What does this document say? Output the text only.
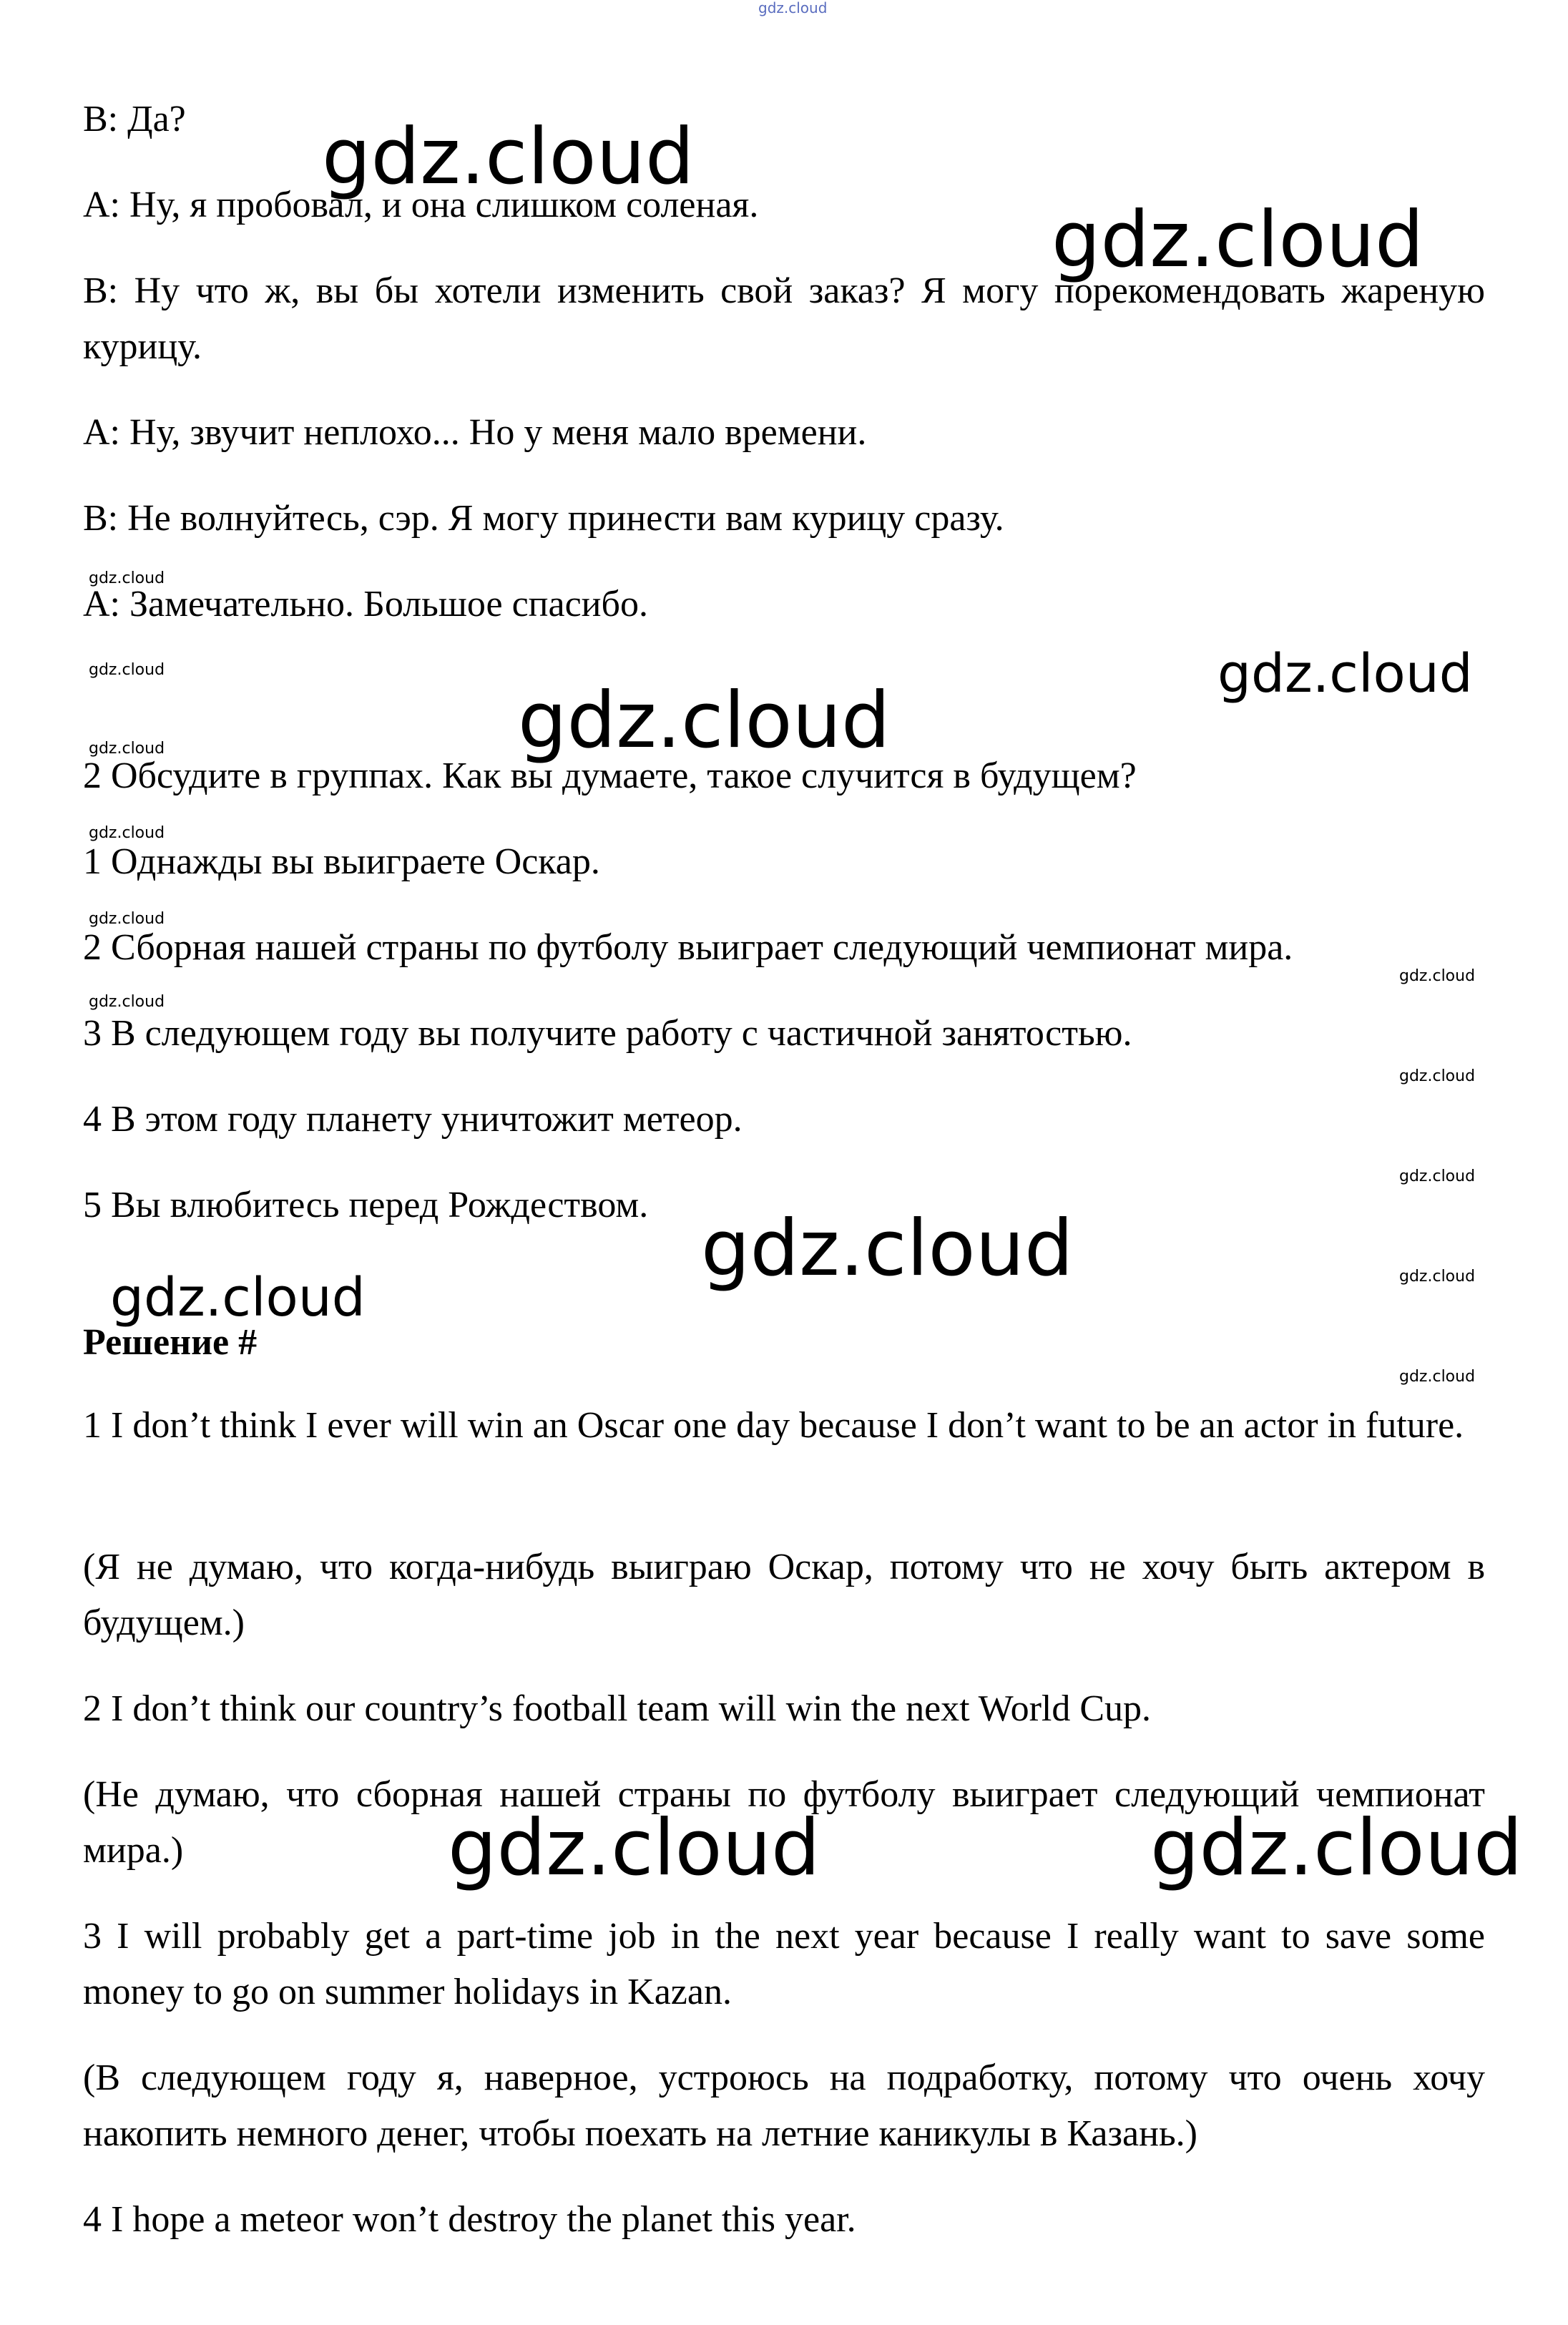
gdz.cloud

В: Да?

А: Ну, я пробовал, и она слишком соленая.

В: Ну что ж, вы бы хотели изменить свой заказ? Я могу порекомендовать жареную курицу.

А: Ну, звучит неплохо... Но у меня мало времени.

В: Не волнуйтесь, сэр. Я могу принести вам курицу сразу.

А: Замечательно. Большое спасибо.

2 Обсудите в группах. Как вы думаете, такое случится в будущем?

1 Однажды вы выиграете Оскар.

2 Сборная нашей страны по футболу выиграет следующий чемпионат мира.

3 В следующем году вы получите работу с частичной занятостью.

4 В этом году планету уничтожит метеор.

5 Вы влюбитесь перед Рождеством.

Решение #

1 I don’t think I ever will win an Oscar one day because I don’t want to be an actor in future.

(Я не думаю, что когда-нибудь выиграю Оскар, потому что не хочу быть актером в будущем.)

2 I don’t think our country’s football team will win the next World Cup.

(Не думаю, что сборная нашей страны по футболу выиграет следующий чемпионат мира.)

3 I will probably get a part-time job in the next year because I really want to save some money to go on summer holidays in Kazan.

(В следующем году я, наверное, устроюсь на подработку, потому что очень хочу накопить немного денег, чтобы поехать на летние каникулы в Казань.)

4 I hope a meteor won’t destroy the planet this year.

gdz.cloud
gdz.cloud
gdz.cloud
gdz.cloud
gdz.cloud
gdz.cloud
gdz.cloud	gdz.cloud
gdz.cloud
gdz.cloud
gdz.cloud
gdz.cloud
gdz.cloud
gdz.cloud
gdz.cloud
gdz.cloud
gdz.cloud
gdz.cloud
gdz.cloud
